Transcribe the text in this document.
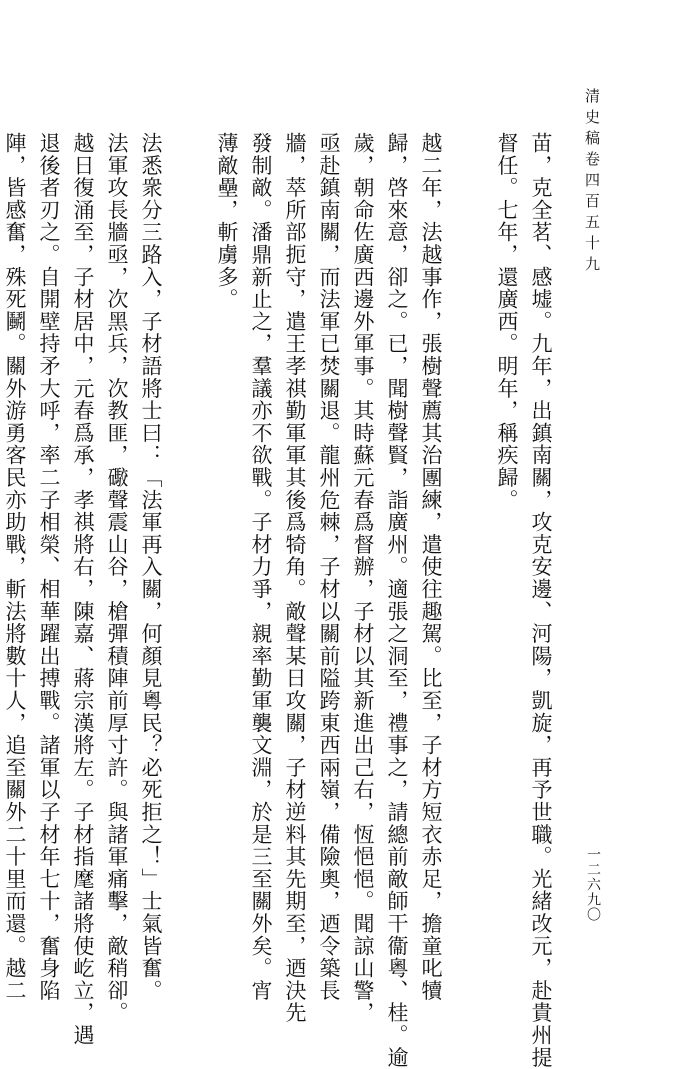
清史稿卷四百五十九
一二六九〇
苗，克全茗、感墟。九年，出鎮南關，攻克安邊、河陽，凱旋，再予世職。光緒改元，赴貴州提
督任。七年，還廣西。明年，稱疾歸。
越二年，法越事作，張樹聲薦其治團練，遣使往趣駕。比至，子材方短衣赤足，擔童叱犢
歸，啓來意，卻之。已，聞樹聲賢，詣廣州。適張之洞至，禮事之，請總前敵師干衞粵、桂。逾
歲，朝命佐廣西邊外軍事。其時蘇元春爲督辦，子材以其新進出己右，恆悒悒。聞諒山警，
亟赴鎮南關，而法軍已焚關退。龍州危棘，子材以關前隘跨東西兩嶺，備險奧，迺令築長
牆，萃所部扼守，遣王孝祺勤軍軍其後爲犄角。敵聲某日攻關，子材逆料其先期至，迺決先
發制敵。潘鼎新止之，羣議亦不欲戰。子材力爭，親率勤軍襲文淵，於是三至關外矣。宵
薄敵壘，斬虜多。
法悉衆分三路入，子材語將士曰：「法軍再入關，何顏見粵民？必死拒之！」士氣皆奮。
法軍攻長牆亟，次黑兵，次教匪，礮聲震山谷，槍彈積陣前厚寸許。與諸軍痛擊，敵稍卻。
越日復涌至，子材居中，元春爲承，孝祺將右，陳嘉、蔣宗漢將左。子材指麾諸將使屹立，遇
退後者刃之。自開壁持矛大呼，率二子相榮、相華躍出搏戰。諸軍以子材年七十，奮身陷
陣，皆感奮，殊死鬭。關外游勇客民亦助戰，斬法將數十人，追至關外二十里而還。越二
